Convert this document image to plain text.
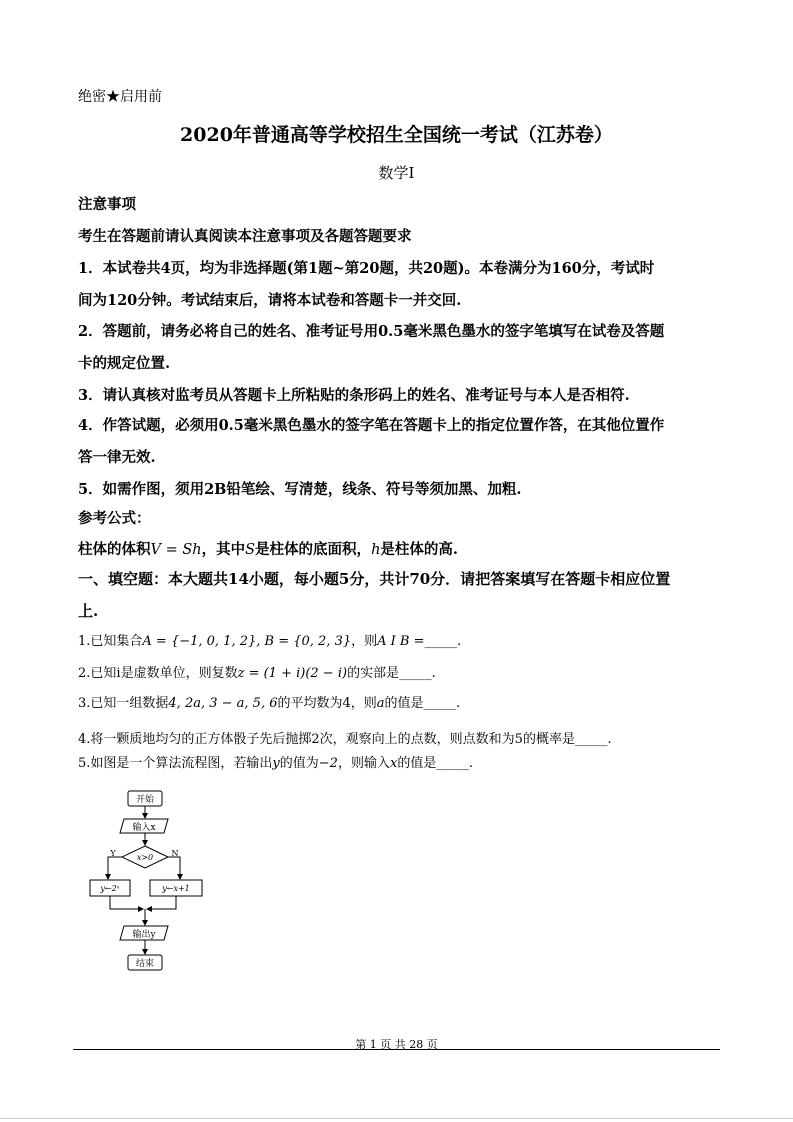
绝密★启用前
2020年普通高等学校招生全国统一考试（江苏卷）
数学Ⅰ
注意事项
考生在答题前请认真阅读本注意事项及各题答题要求
1．本试卷共4页，均为非选择题(第1题~第20题，共20题)。本卷满分为160分，考试时
间为120分钟。考试结束后，请将本试卷和答题卡一并交回.
2．答题前，请务必将自己的姓名、准考证号用0.5毫米黑色墨水的签字笔填写在试卷及答题
卡的规定位置.
3．请认真核对监考员从答题卡上所粘贴的条形码上的姓名、准考证号与本人是否相符.
4．作答试题，必须用0.5毫米黑色墨水的签字笔在答题卡上的指定位置作答，在其他位置作
答一律无效.
5．如需作图，须用2B铅笔绘、写清楚，线条、符号等须加黑、加粗.
参考公式：
柱体的体积V = Sh，其中S是柱体的底面积，h是柱体的高.
一、填空题：本大题共14小题，每小题5分，共计70分．请把答案填写在答题卡相应位置
上.
1.已知集合A = {−1, 0, 1, 2}, B = {0, 2, 3}，则A I B =_____.
2.已知i是虚数单位，则复数z = (1 + i)(2 − i)的实部是_____.
3.已知一组数据4, 2a, 3 − a, 5, 6的平均数为4，则a的值是_____.
4.将一颗质地均匀的正方体骰子先后抛掷2次，观察向上的点数，则点数和为5的概率是_____.
5.如图是一个算法流程图，若输出y的值为−2，则输入x的值是_____.
开始
输入x
x>0
Y	N
y←2ˣ	y←x+1
输出y
结束
第 1 页 共 28 页
